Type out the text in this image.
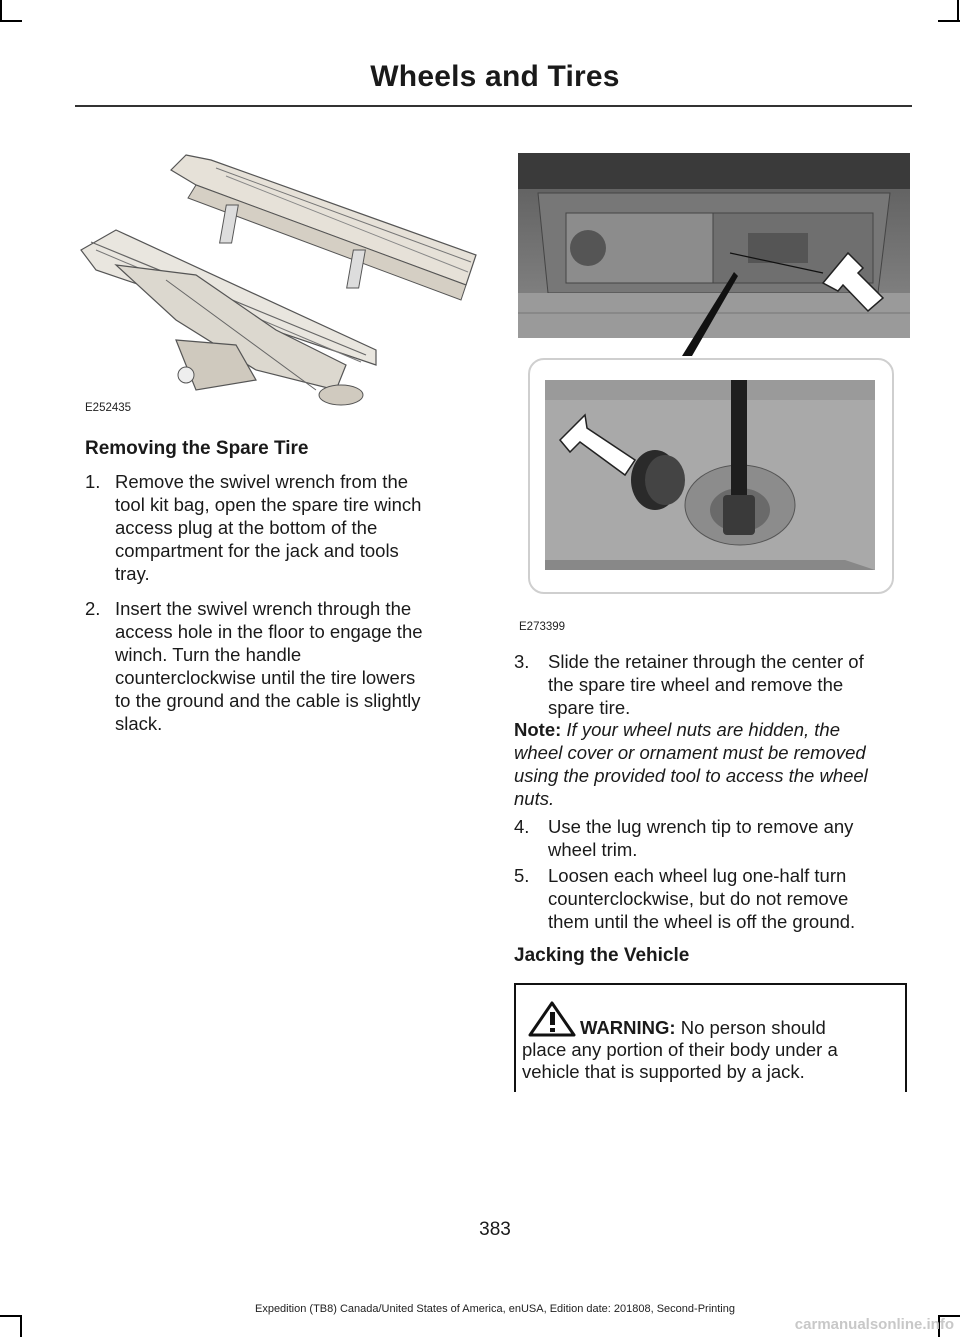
Wheels and Tires
E252435
E273399
Removing the Spare Tire
1. Remove the swivel wrench from the
tool kit bag, open the spare tire winch
access plug at the bottom of the
compartment for the jack and tools
tray.
2. Insert the swivel wrench through the
access hole in the floor to engage the
winch. Turn the handle
counterclockwise until the tire lowers
to the ground and the cable is slightly
slack.
3. Slide the retainer through the center of
the spare tire wheel and remove the
spare tire.
Note: If your wheel nuts are hidden, the
wheel cover or ornament must be removed
using the provided tool to access the wheel
nuts.
4. Use the lug wrench tip to remove any
wheel trim.
5. Loosen each wheel lug one-half turn
counterclockwise, but do not remove
them until the wheel is off the ground.
Jacking the Vehicle
WARNING: No person should
place any portion of their body under a
vehicle that is supported by a jack.
383
Expedition (TB8) Canada/United States of America, enUSA, Edition date: 201808, Second-Printing
carmanualsonline.info
